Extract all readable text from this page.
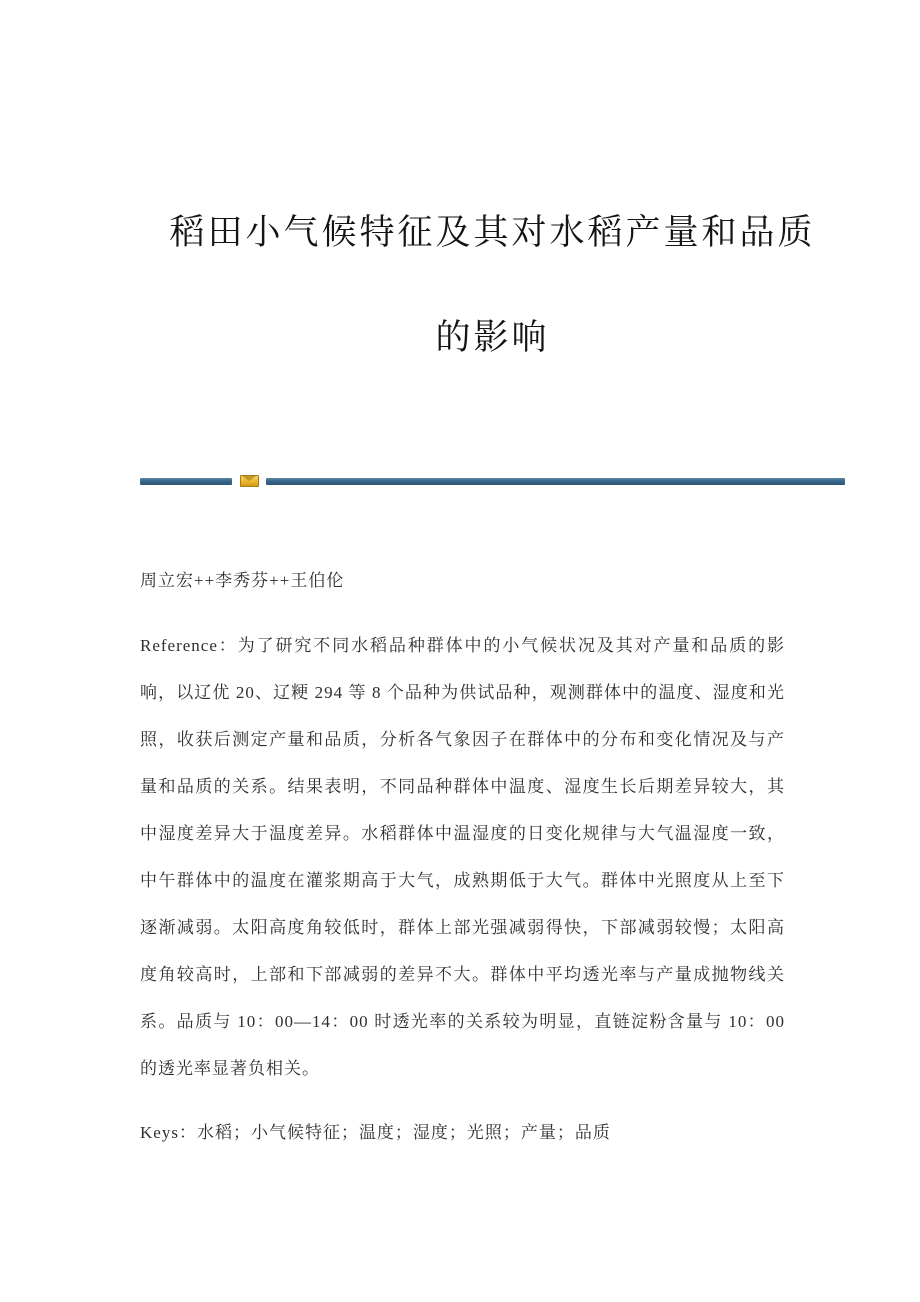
稻田小气候特征及其对水稻产量和品质
的影响
周立宏++李秀芬++王伯伦
Reference：为了研究不同水稻品种群体中的小气候状况及其对产量和品质的影响，以辽优 20、辽粳 294 等 8 个品种为供试品种，观测群体中的温度、湿度和光照，收获后测定产量和品质，分析各气象因子在群体中的分布和变化情况及与产量和品质的关系。结果表明，不同品种群体中温度、湿度生长后期差异较大，其中湿度差异大于温度差异。水稻群体中温湿度的日变化规律与大气温湿度一致，中午群体中的温度在灌浆期高于大气，成熟期低于大气。群体中光照度从上至下逐渐减弱。太阳高度角较低时，群体上部光强减弱得快，下部减弱较慢；太阳高度角较高时，上部和下部减弱的差异不大。群体中平均透光率与产量成抛物线关系。品质与 10：00—14：00 时透光率的关系较为明显，直链淀粉含量与 10：00 的透光率显著负相关。
Keys：水稻；小气候特征；温度；湿度；光照；产量；品质
